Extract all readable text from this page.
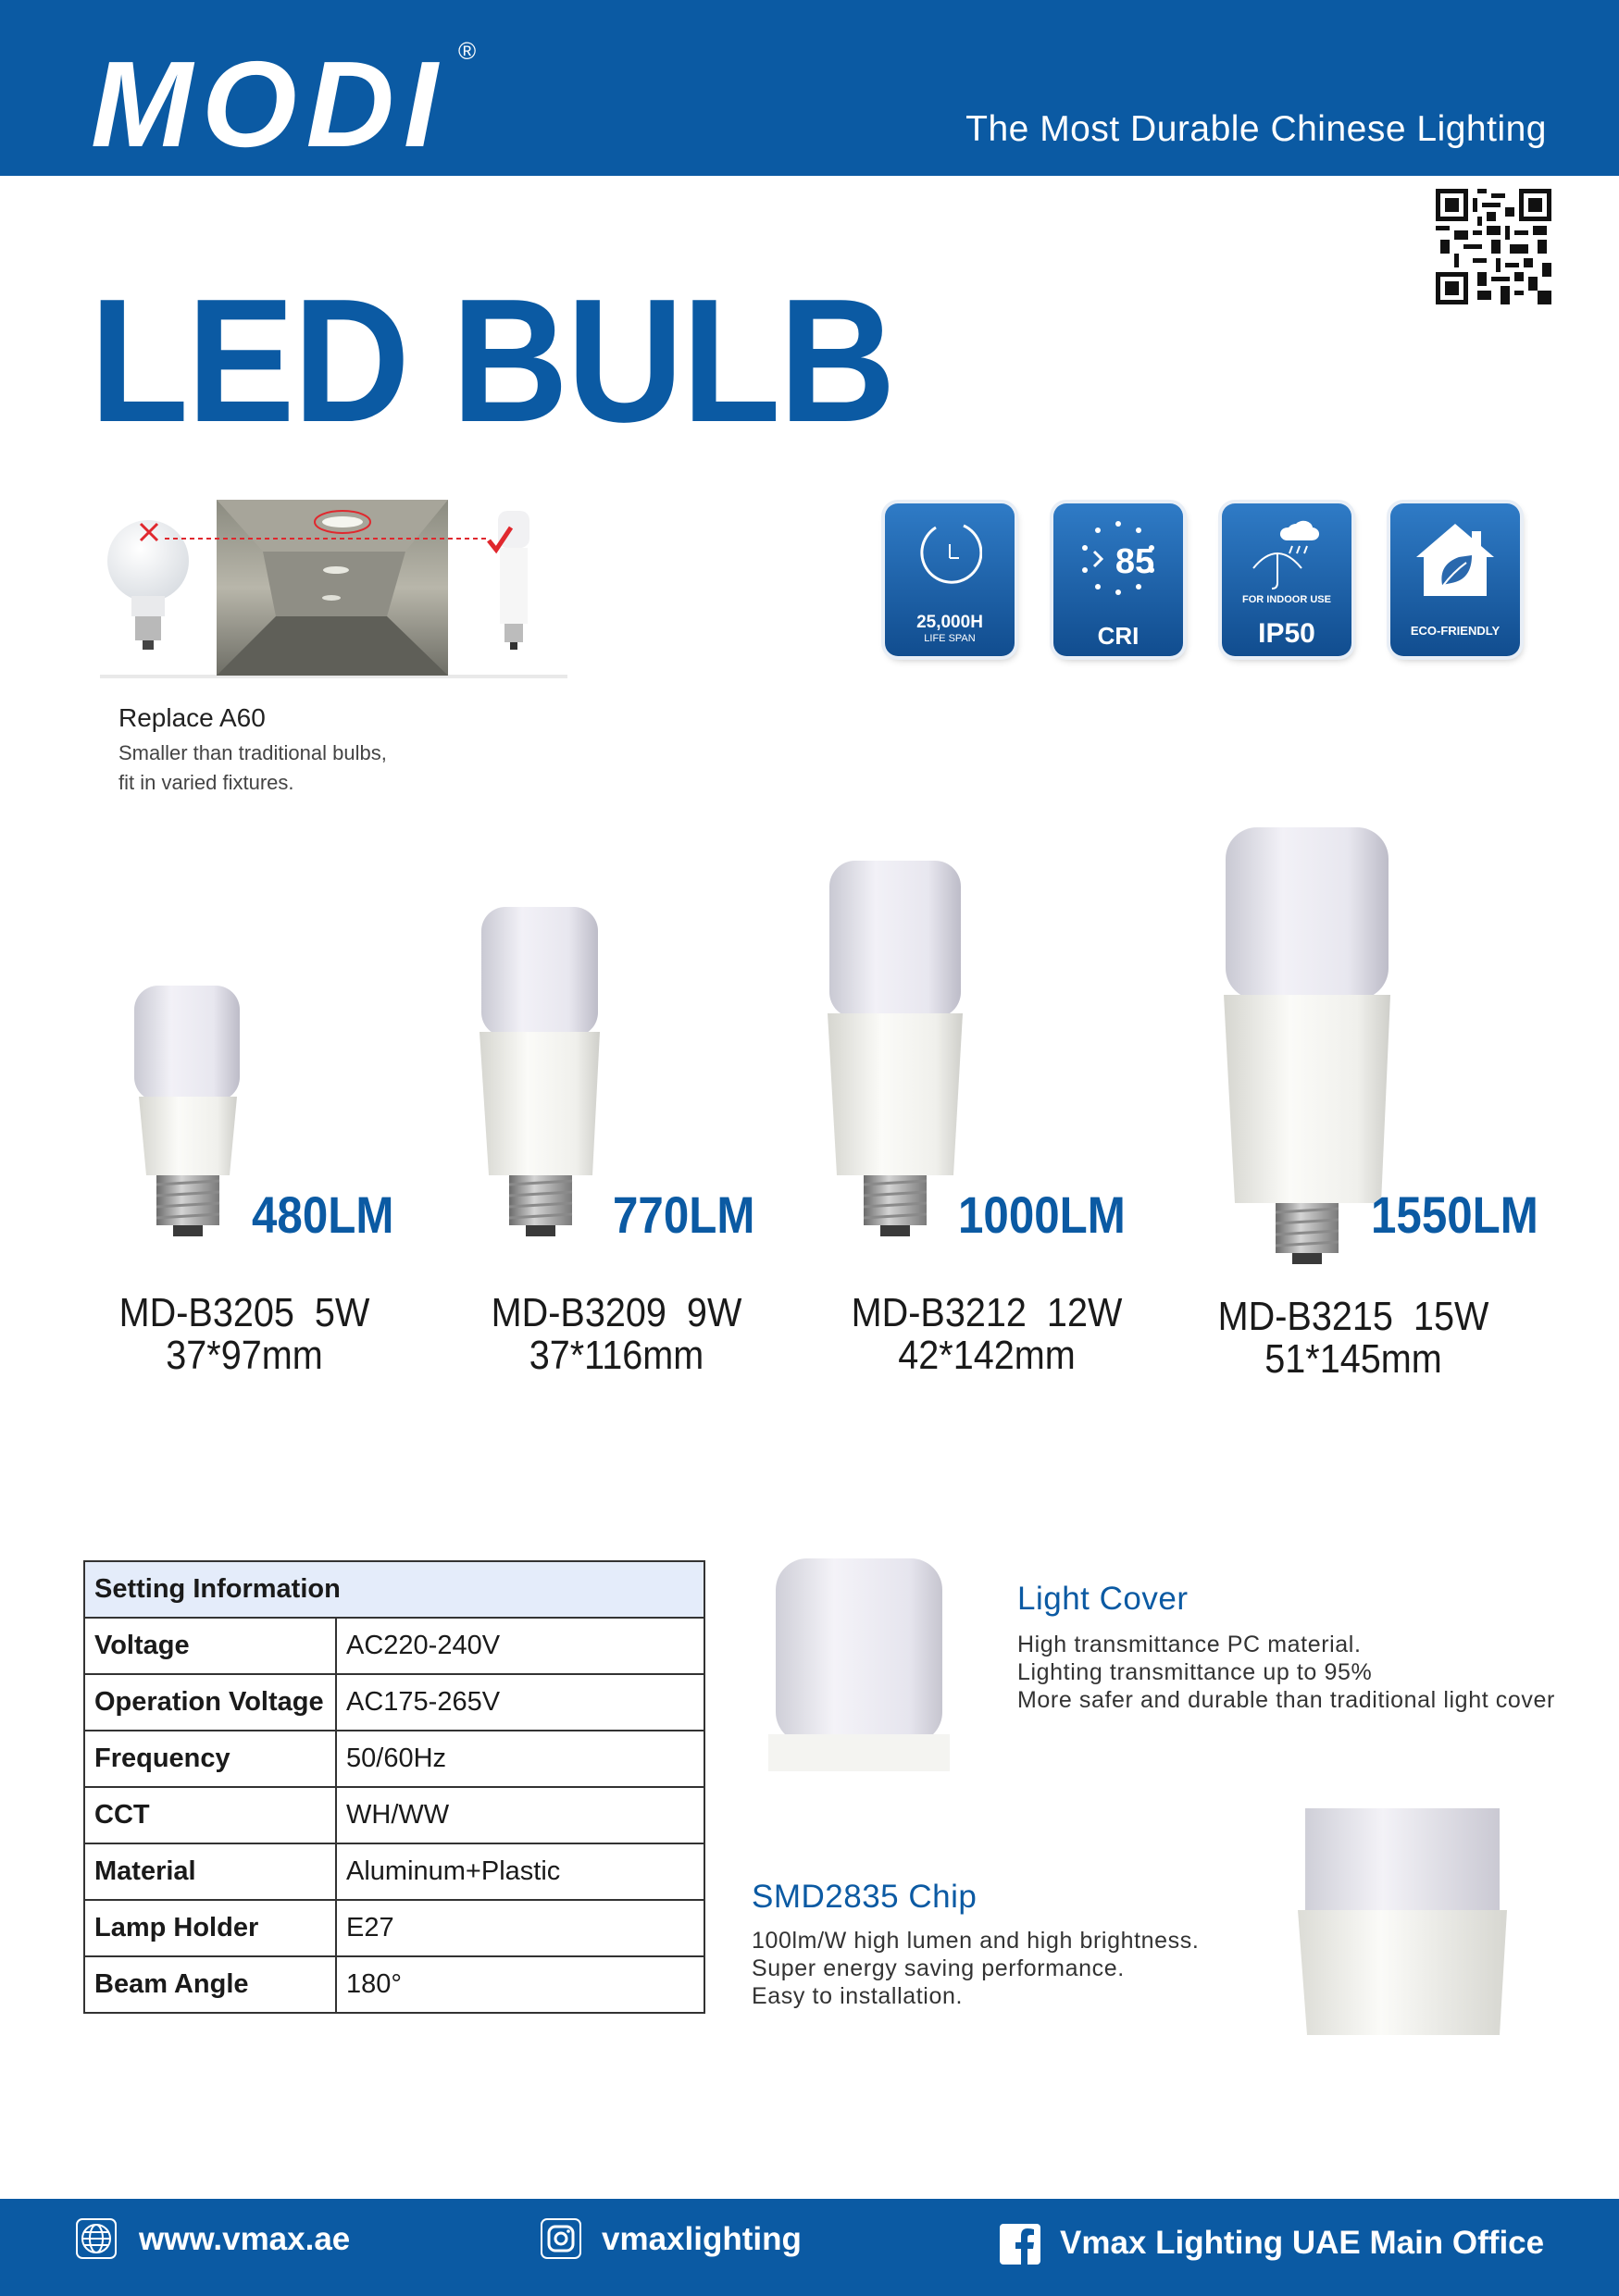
MODI ®
The Most Durable Chinese Lighting
LED BULB
Replace A60
Smaller than traditional bulbs,
fit in varied fixtures.
25,000H
LIFE SPAN
85
CRI
FOR INDOOR USE
IP50	ECO-FRIENDLY
480LM	770LM	1000LM	1550LM
MD-B3205  5W
37*97mm
MD-B3209  9W
37*116mm
MD-B3212  12W
42*142mm
MD-B3215  15W
51*145mm
Setting Information	
Voltage	AC220-240V
Operation Voltage	AC175-265V
Frequency	50/60Hz
CCT	WH/WW
Material	Aluminum+Plastic
Lamp Holder	E27
Beam Angle	180°
Light Cover
High transmittance PC material.
Lighting transmittance up to 95%
More safer and durable than traditional light cover
SMD2835 Chip
100lm/W high lumen and high brightness.
Super energy saving performance.
Easy to installation.
www.vmax.ae	vmaxlighting	Vmax Lighting UAE Main Office
